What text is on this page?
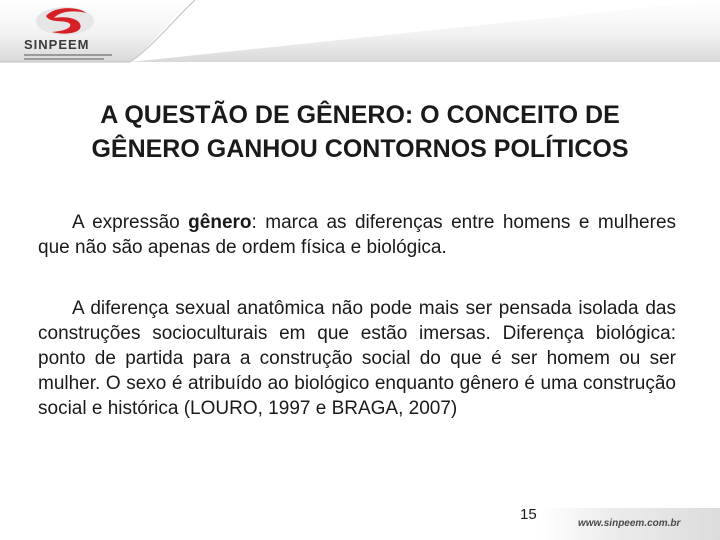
SINPEEM
A QUESTÃO DE GÊNERO: O CONCEITO DE
GÊNERO GANHOU CONTORNOS POLÍTICOS
A expressão gênero: marca as diferenças entre homens e mulheres que não são apenas de ordem física e biológica.
A diferença sexual anatômica não pode mais ser pensada isolada das construções socioculturais em que estão imersas. Diferença biológica: ponto de partida para a construção social do que é ser homem ou ser mulher. O sexo é atribuído ao biológico enquanto gênero é uma construção social e histórica (LOURO, 1997 e BRAGA, 2007)
15
www.sinpeem.com.br
